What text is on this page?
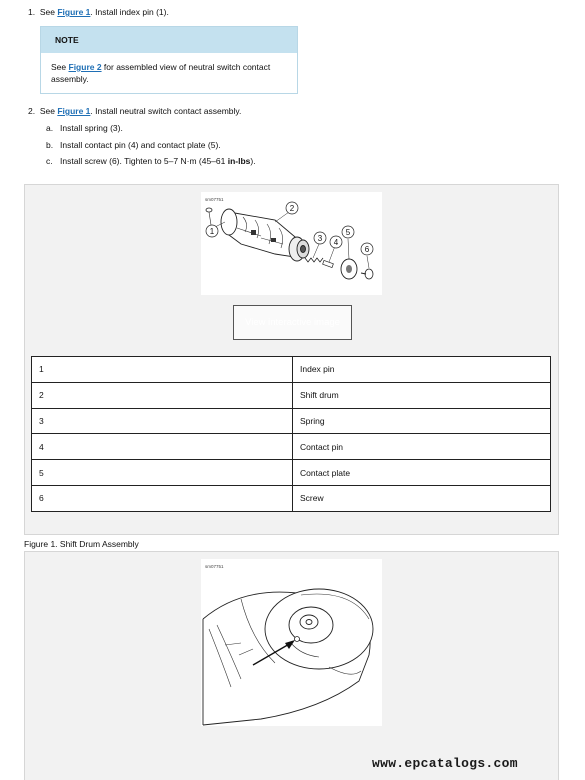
1. See Figure 1. Install index pin (1).
NOTE
See Figure 2 for assembled view of neutral switch contact assembly.
2. See Figure 1. Install neutral switch contact assembly.
a. Install spring (3).
b. Install contact pin (4) and contact plate (5).
c. Install screw (6). Tighten to 5–7 N·m (45–61 in-lbs).
sm07751
1
2
3 4
5
6
View interactive image
1	Index pin
2	Shift drum
3	Spring
4	Contact pin
5	Contact plate
6	Screw
Figure 1. Shift Drum Assembly
sm07751
www.epcatalogs.com
